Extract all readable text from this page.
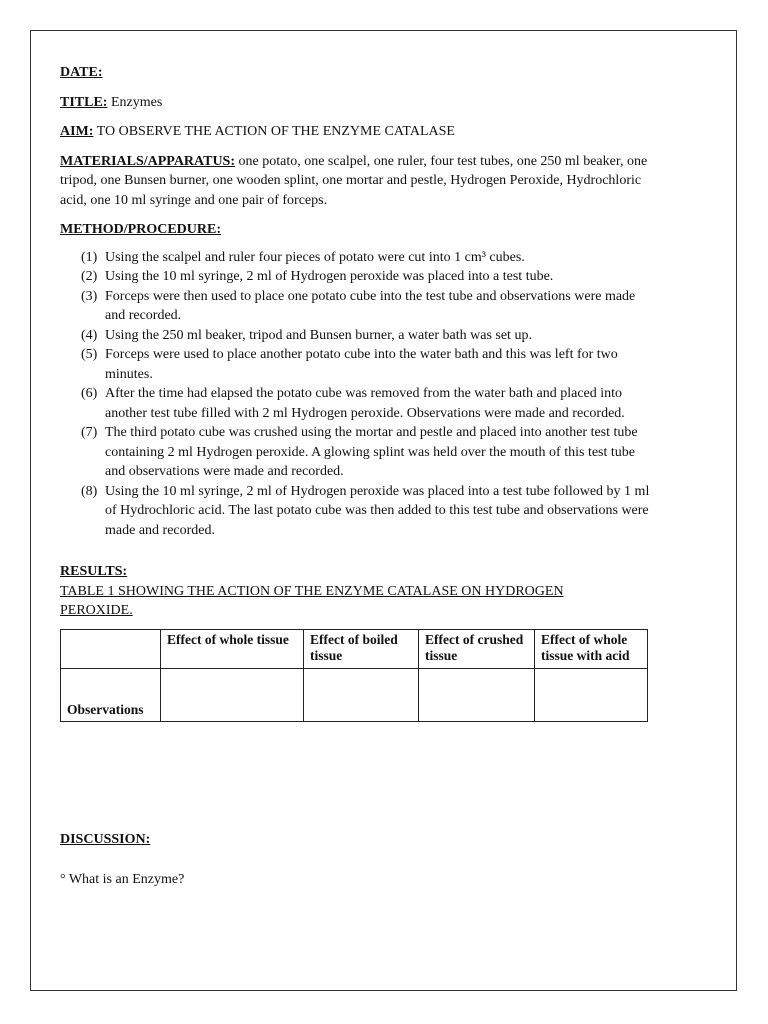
DATE:
TITLE: Enzymes
AIM: TO OBSERVE THE ACTION OF THE ENZYME CATALASE
MATERIALS/APPARATUS: one potato, one scalpel, one ruler, four test tubes, one 250 ml beaker, one tripod, one Bunsen burner, one wooden splint, one mortar and pestle, Hydrogen Peroxide, Hydrochloric acid, one 10 ml syringe and one pair of forceps.
METHOD/PROCEDURE:
(1) Using the scalpel and ruler four pieces of potato were cut into 1 cm³ cubes.
(2) Using the 10 ml syringe, 2 ml of Hydrogen peroxide was placed into a test tube.
(3) Forceps were then used to place one potato cube into the test tube and observations were made and recorded.
(4) Using the 250 ml beaker, tripod and Bunsen burner, a water bath was set up.
(5) Forceps were used to place another potato cube into the water bath and this was left for two minutes.
(6) After the time had elapsed the potato cube was removed from the water bath and placed into another test tube filled with 2 ml Hydrogen peroxide. Observations were made and recorded.
(7) The third potato cube was crushed using the mortar and pestle and placed into another test tube containing 2 ml Hydrogen peroxide. A glowing splint was held over the mouth of this test tube and observations were made and recorded.
(8) Using the 10 ml syringe, 2 ml of Hydrogen peroxide was placed into a test tube followed by 1 ml of Hydrochloric acid. The last potato cube was then added to this test tube and observations were made and recorded.
RESULTS:
TABLE 1 SHOWING THE ACTION OF THE ENZYME CATALASE ON HYDROGEN PEROXIDE.
	Effect of whole tissue	Effect of boiled tissue	Effect of crushed tissue	Effect of whole tissue with acid
Observations				
DISCUSSION:
° What is an Enzyme?
